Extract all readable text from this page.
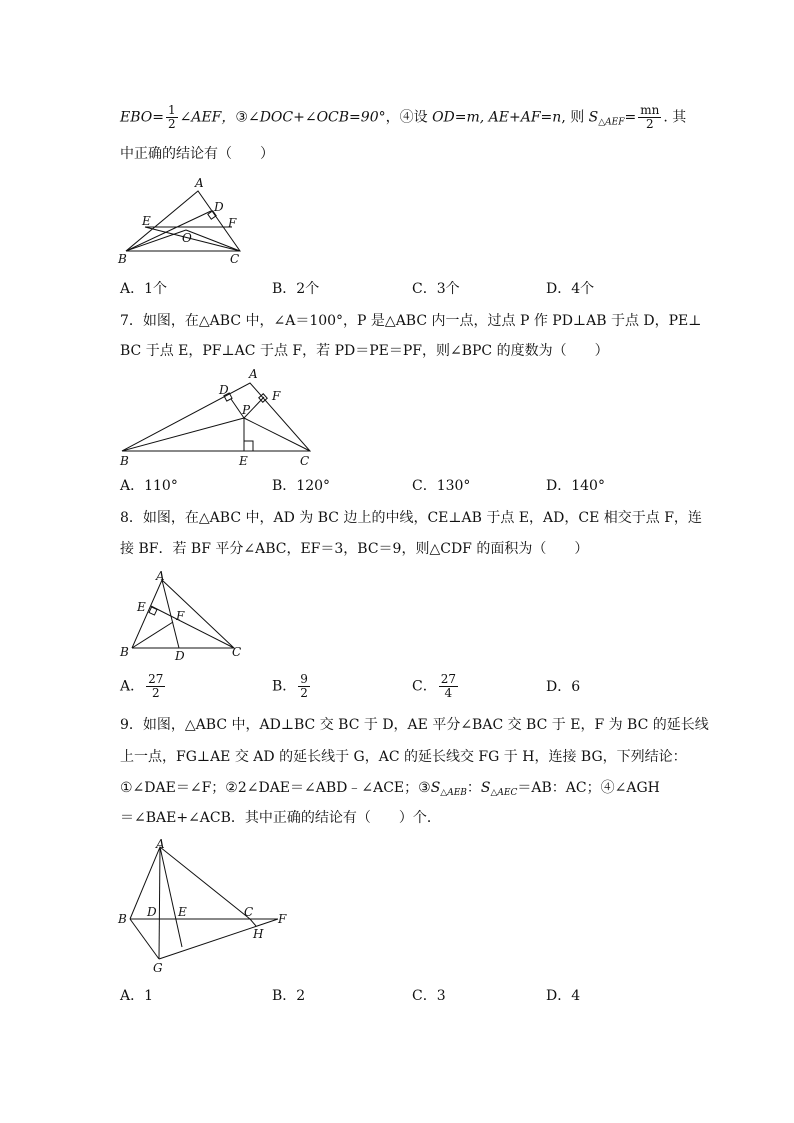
$EBO= \frac{1}{2}$ ∠AEF，③∠DOC+∠OCB=90°，④设 OD=m, AE+AF=n, 则 $S_{\triangle AEF}= \frac{mn}{2}$ . 其
中正确的结论有（　　）
A
B	C
D
E	F
O
A．1个	B．2个	C．3个	D．4个
7．如图，在△ABC 中，∠A＝100°，P 是△ABC 内一点，过点 P 作 PD⊥AB 于点 D，PE⊥
BC 于点 E，PF⊥AC 于点 F，若 PD＝PE＝PF，则∠BPC 的度数为（　　）
A
B	C
D
E
F
P
A．110°	B．120°	C．130°	D．140°
8．如图，在△ABC 中，AD 为 BC 边上的中线，CE⊥AB 于点 E，AD，CE 相交于点 F，连
接 BF．若 BF 平分∠ABC，EF＝3，BC＝9，则△CDF 的面积为（　　）
A
B	C
D
E
F
A． $\frac{27}{2}$	B． $\frac{9}{2}$	C． $\frac{27}{4}$	D．6
9．如图，△ABC 中，AD⊥BC 交 BC 于 D，AE 平分∠BAC 交 BC 于 E，F 为 BC 的延长线
上一点，FG⊥AE 交 AD 的延长线于 G，AC 的延长线交 FG 于 H，连接 BG，下列结论：
①∠DAE＝∠F；②2∠DAE＝∠ABD﹣∠ACE；$③S_{\triangle AEB}$：$S_{\triangle AEC}=AB$：AC；④∠AGH
＝∠BAE+∠ACB．其中正确的结论有（　　）个．
A
B	C
D E	F
G
H
A．1	B．2	C．3	D．4
